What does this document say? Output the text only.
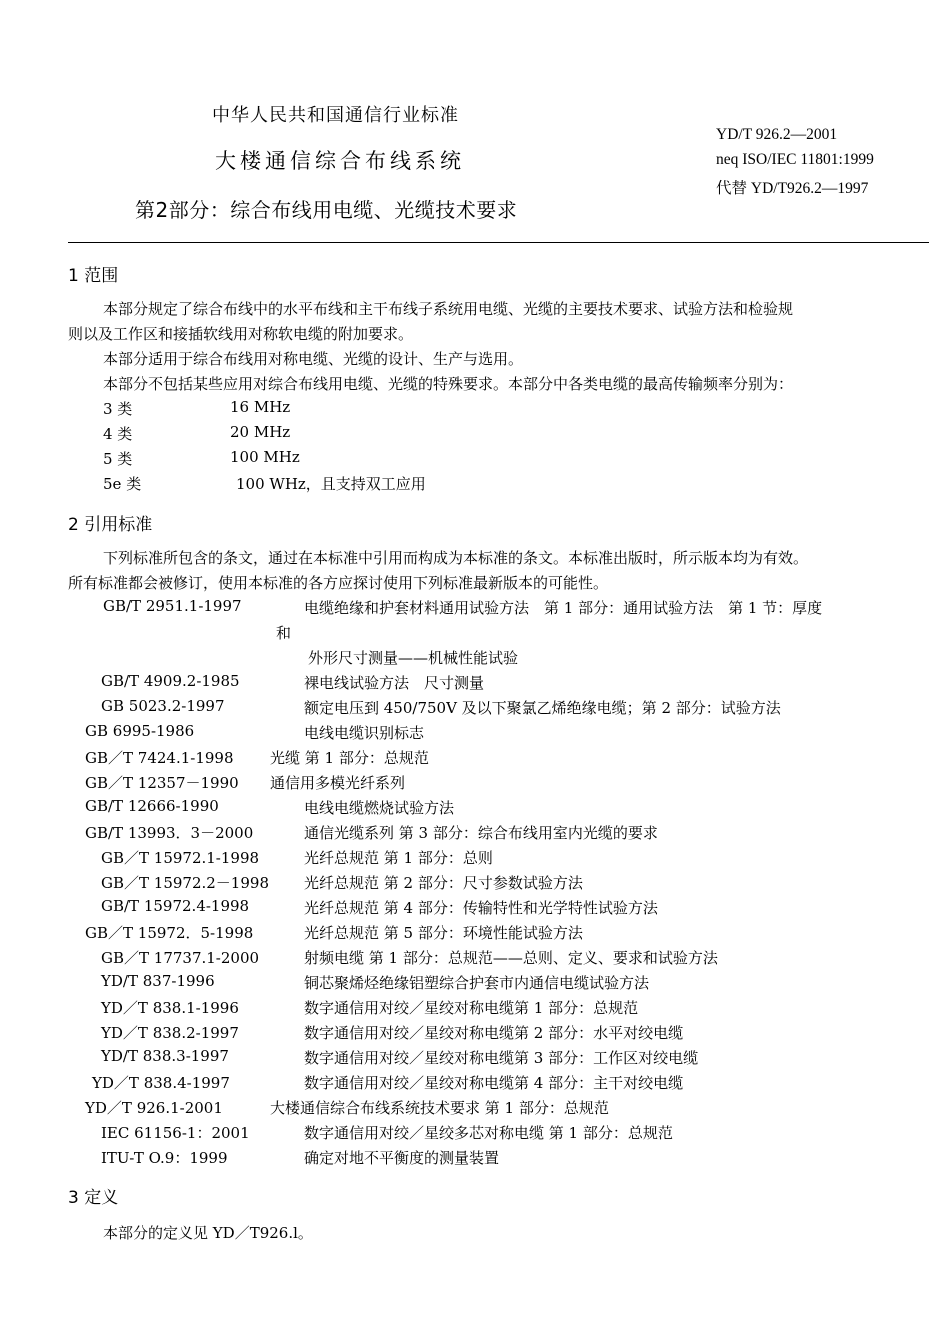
中华人民共和国通信行业标准
大楼通信综合布线系统
第2部分：综合布线用电缆、光缆技术要求
YD/T 926.2—2001
neq ISO/IEC 11801:1999
代替 YD/T926.2—1997
1 范围
本部分规定了综合布线中的水平布线和主干布线子系统用电缆、光缆的主要技术要求、试验方法和检验规
则以及工作区和接插软线用对称软电缆的附加要求。
本部分适用于综合布线用对称电缆、光缆的设计、生产与选用。
本部分不包括某些应用对综合布线用电缆、光缆的特殊要求。本部分中各类电缆的最高传输频率分别为：
3 类	16 MHz
4 类	20 MHz
5 类	100 MHz
5e 类	100 WHz，且支持双工应用
2 引用标准
下列标准所包含的条文，通过在本标准中引用而构成为本标准的条文。本标准出版时，所示版本均为有效。
所有标准都会被修订，使用本标准的各方应探讨使用下列标准最新版本的可能性。
GB/T 2951.1-1997	电缆绝缘和护套材料通用试验方法　第 1 部分：通用试验方法　第 1 节：厚度
和
外形尺寸测量——机械性能试验
GB/T 4909.2-1985	裸电线试验方法　尺寸测量
GB 5023.2-1997	额定电压到 450/750V 及以下聚氯乙烯绝缘电缆；第 2 部分：试验方法
GB 6995-1986	电线电缆识别标志
GB／T 7424.1-1998 光缆 第 1 部分：总规范
GB／T 12357－1990 通信用多模光纤系列
GB/T 12666-1990	电线电缆燃烧试验方法
GB/T 13993．3－2000	通信光缆系列 第 3 部分：综合布线用室内光缆的要求
GB／T 15972.1-1998	光纤总规范 第 1 部分：总则
GB／T 15972.2－1998 光纤总规范 第 2 部分：尺寸参数试验方法
GB/T 15972.4-1998	光纤总规范 第 4 部分：传输特性和光学特性试验方法
GB／T 15972．5-1998	光纤总规范 第 5 部分：环境性能试验方法
GB／T 17737.1-2000	射频电缆 第 1 部分：总规范——总则、定义、要求和试验方法
YD/T 837-1996	铜芯聚烯烃绝缘铝塑综合护套市内通信电缆试验方法
YD／T 838.1-1996	数字通信用对绞／星绞对称电缆第 1 部分：总规范
YD／T 838.2-1997	数字通信用对绞／星绞对称电缆第 2 部分：水平对绞电缆
YD/T 838.3-1997	数字通信用对绞／星绞对称电缆第 3 部分：工作区对绞电缆
YD／T 838.4-1997	数字通信用对绞／星绞对称电缆第 4 部分：主干对绞电缆
YD／T 926.1-2001	大楼通信综合布线系统技术要求 第 1 部分：总规范
IEC 61156-1：2001	数字通信用对绞／星绞多芯对称电缆 第 1 部分：总规范
ITU-T O.9：1999	确定对地不平衡度的测量装置
3 定义
本部分的定义见 YD／T926.l。
